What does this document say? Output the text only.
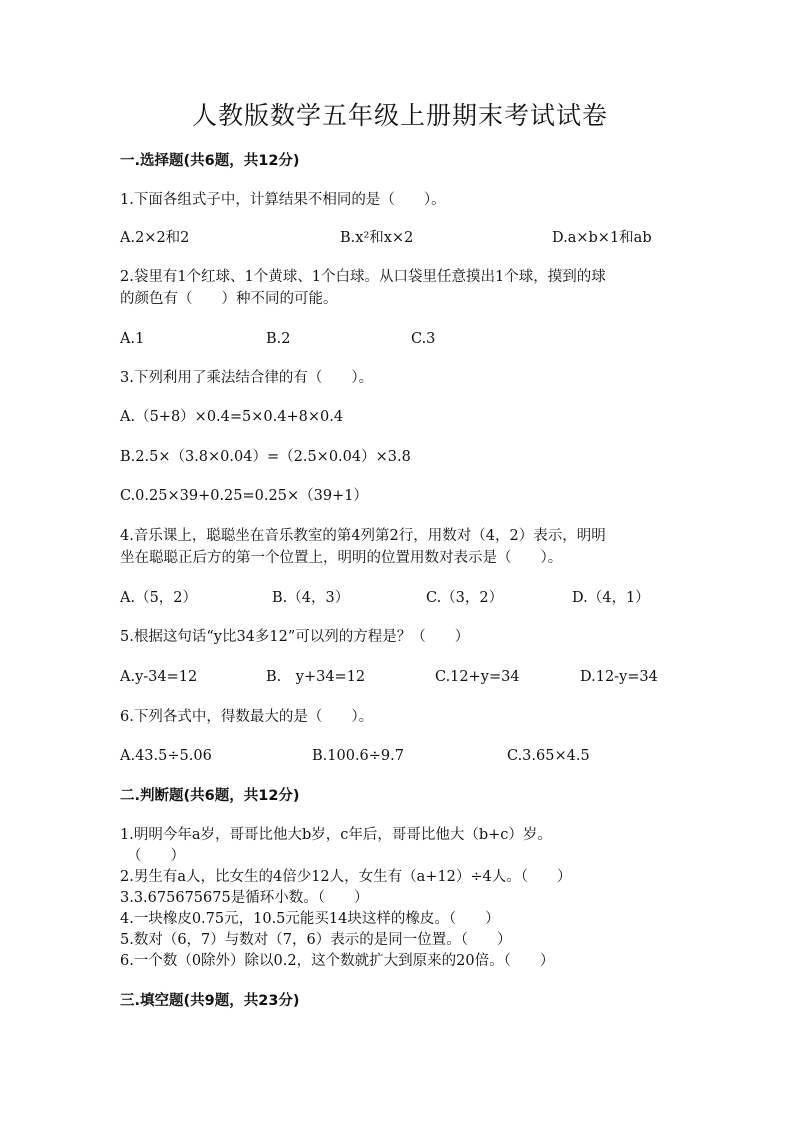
人教版数学五年级上册期末考试试卷
一.选择题(共6题，共12分)
1.下面各组式子中，计算结果不相同的是（　　）。
A.2×2和2	B.x²和x×2	D.a×b×1和ab
2.袋里有1个红球、1个黄球、1个白球。从口袋里任意摸出1个球，摸到的球
的颜色有（　　）种不同的可能。
A.1	B.2	C.3
3.下列利用了乘法结合律的有（　　）。
A.（5+8）×0.4=5×0.4+8×0.4
B.2.5×（3.8×0.04）=（2.5×0.04）×3.8
C.0.25×39+0.25=0.25×（39+1）
4.音乐课上，聪聪坐在音乐教室的第4列第2行，用数对（4，2）表示，明明
坐在聪聪正后方的第一个位置上，明明的位置用数对表示是（　　）。
A.（5，2）	B.（4，3）	C.（3，2）	D.（4，1）
5.根据这句话“y比34多12”可以列的方程是？（　　）
A.y-34=12	B.　y+34=12	C.12+y=34	D.12-y=34
6.下列各式中，得数最大的是（　　）。
A.43.5÷5.06	B.100.6÷9.7	C.3.65×4.5
二.判断题(共6题，共12分)
1.明明今年a岁，哥哥比他大b岁，c年后，哥哥比他大（b+c）岁。
（　　）
2.男生有a人，比女生的4倍少12人，女生有（a+12）÷4人。（　　）
3.3.675675675是循环小数。（　　）
4.一块橡皮0.75元，10.5元能买14块这样的橡皮。（　　）
5.数对（6，7）与数对（7，6）表示的是同一位置。（　　）
6.一个数（0除外）除以0.2，这个数就扩大到原来的20倍。（　　）
三.填空题(共9题，共23分)
